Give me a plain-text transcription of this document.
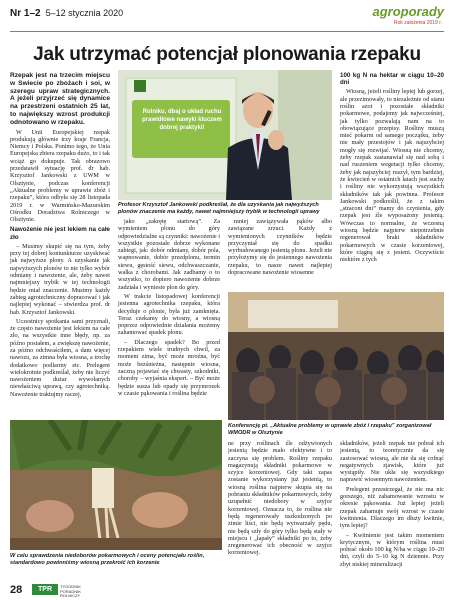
Nr 1–2 5–12 stycznia 2020	agroporady
Rok założenia 2019 r.
Jak utrzymać potencjał plonowania rzepaku

Rzepak jest na trzecim miejscu w Swiecie po zbożach i soi, w szeregu upraw strategicznych. A jeżeli przyjrzeć się dynamice na przestrzeni ostatnich 25 lat, to największy wzrost produkcji odnotowano w rzepaku.

W Unii Europejskiej rzepak produkują głównie trzy kraje Francja, Niemcy i Polska. Ponimo tego, że Unia Europejska zbiera rzepaku dużo, to i tak wciąż go dokupuje. Tak obrazowo przedstawił sytuację prof. dr hab. Krzysztof Jankowski z UWM w Olsztynie, podczas konferencji „Aktualne problemy w uprawie zbóż i rzepaku”, która odbyła się 28 listopada 2019 r. w Warmińsko-Mazurskim Ośrodku Doradztwa Rolniczego w Olsztynie.

Nawożenie nie jest lekiem na całe zło

– Musimy skupić się na tym, żeby przy tej dobrej koniunkturze uzyskiwać jak najwyższe plony. A uzyskanie jak najwyższych plonów to nie tylko wybór odmiany i nawożenie, ale, żeby nawet najmniejszy trybik w tej technologii będzie miał znaczenie. Musimy każdy zabieg agrotechniczny dopracować i jak najlepiej wykonać – stwierdza prof. dr hab. Krzysztof Jankowski.

Uczestnicy spotkania sami przyznali, że często nawożenie jest lekiem na całe zło, na wszystkie inne błędy, np. za późno posiałem, a zwiększę nawożenie, za późno odchwaściłem, a dam więcej nawozu, za zimna była wiosna, a trochę dodatkowo podlarmy etc. Prelegent wielokrotnie podkreślał, żeby nie liczyć nawożeniem dużar wywołanych niewłaściwą uprawą, czy agrotechniką. Nawożenie traktujmy raczej,

Rolniku, dbaj o układ ruchu
prawidłowe nawyki kluczem
dobrej praktyki!
Profesor Krzysztof Jankowski podkreślał, że dla uzyskania jak najwyższych plonów znaczenie ma każdy, nawet najmniejszy trybik w technologii uprawy

jako „zakrętę startową”. Za wymieniem plonu do góry odpowiedzialne są czynniki: nawożenie i wszystkie pozostałe dobrze wykonane zabiegi, jak: dobór odmiany, dobór pola, wapnowanie, dobór przedplonu, termin siewu, gęstość siewu, odchwaszczanie, walka z chorobami. Jak zadbamy o to wszystko, to dopiero nawożenie dobrze zadziała i wyniesie plon do góry.

W trakcie listopadowej konferencji jesienna agrotechnika rzepaku, która decyduje o plonie, była już zamknięta. Teraz czekamy do wiosny, a wiosną poprzez odpowiednie działania możemy zahamować spadek plonu.

– Dlaczego spadek? Bo przed rzepakiem wiele trudnych chwil, za moment zima, być może mroźna, być może bezśnieżna, następnie wiosna, zaczną pojawiać się chwasty, szkodniki, choroby – wyjaśnia ekspert. – Być może będzie susza lub opady się przymrozek w czasie pąkowania i roślina będzie

mniej zawiązywała pąków albo zawiązane zrzuci. Każdy z wymienionych czynników będzie przyczyniał się do spadku wyrbudowanego jesienią plonu. Jeżeli nie przyłożymy się do jesiennego nawożenia rzepaku, to nasze nawet najlepiej dopracowane nawożenie wiosenne

100 kg N na hektar w ciągu 10–20 dni

Wiosną, jeżeli rośliny lepiej lub gorzej, ale przezimowały, to niezależnie od stanu roślin azot i pozostałe składniki pokarmowe, podajemy jak najwcześniej, jak tylko pozwalają nam na to obowiązujące przepisy. Rośliny muszą mieć pokarm od samego początku, żeby nie mały przestojów i jak najszybciej mogły się rozwijać. Wiosną nie chcemy, żeby rzepak zastanawiał się nad sobą i nad ruszeniem wegetacji tylko chcemy, żeby jak najszybciej ruszył, tym bardziej, że kwiecień w ostatnich latach jest suchy i rośliny nie wykorzystują wszystkich składników tak jak powinna. Profesor Jankowski podkreślił, że z takim „straconi dni” mamy do czynienia, gdy rzepak jest źle wyposażony jesienią. Wówczas to normalne, że wczesną wiosną będzie najpierw niepotrzebnie regenerował braki składników pokarmowych w czasie korzeniowej, które ciągną się z jesieni. Oczywiście niektóre z tych

Konferencję pt. „Aktualne problemy w uprawie zbóż i rzepaku” zorganizował WMODR w Olsztynie
W celu sprawdzenia niedoborów pokarmowych i oceny potencjału roślin, standardowo powinniśmy wiosną przekroić ich korzenie

ne przy roślinach źle odżywionych jesienią będzie mało efektywne i to zaczyna się problem. Rośliny rzepaku magazynują składniki pokarmowe w szyjce korzeniowej. Gdy taki zapas zostanie wykorzystany już jesienią, to wiosną roślina najpierw skupia się na pobraniu składników pokarmowych, żeby uzupełnić niedobory w szyjce korzeniowej. Oznacza to, że roślina nie będą regenerowały uszkodzonych po zimie liści, nie będą wytwarzały pędu, nie będą szły do góry tylko będą stały w miejscu i „łapały” składniki po to, żeby zregenerować ich obecność w szyjce korzeniowej.

składników, jeżeli rzepak nie pobrał ich jesienią, to teoretycznie da się zastosować wiosną, ale nie da się cofnąć negatywnych zjawisk, które już wystąpiły. Nie ukła się wszystkiego naprawić wiosennym nawożeniem.

Prelegent przestrzegał, że nie ma nic gorszego, niż zahamowanie wzrostu w okresie pąkowania. Już lepiej jeżeli rzepak zahamuje swój wzrost w czasie kwitnienia. Dlaczego im dłuży kwitnie, tym lepiej?

– Kwitnienie jest takim momentem krytycznym, w którym roślina musi pobrać około 100 kg N/ha w ciągu 10–20 dni, czyli do 5–10 kg N dziennie. Przy zbyt niskiej mineralizacji

28	TPR	TYGODNIK PORADNIK ROLNICZY
